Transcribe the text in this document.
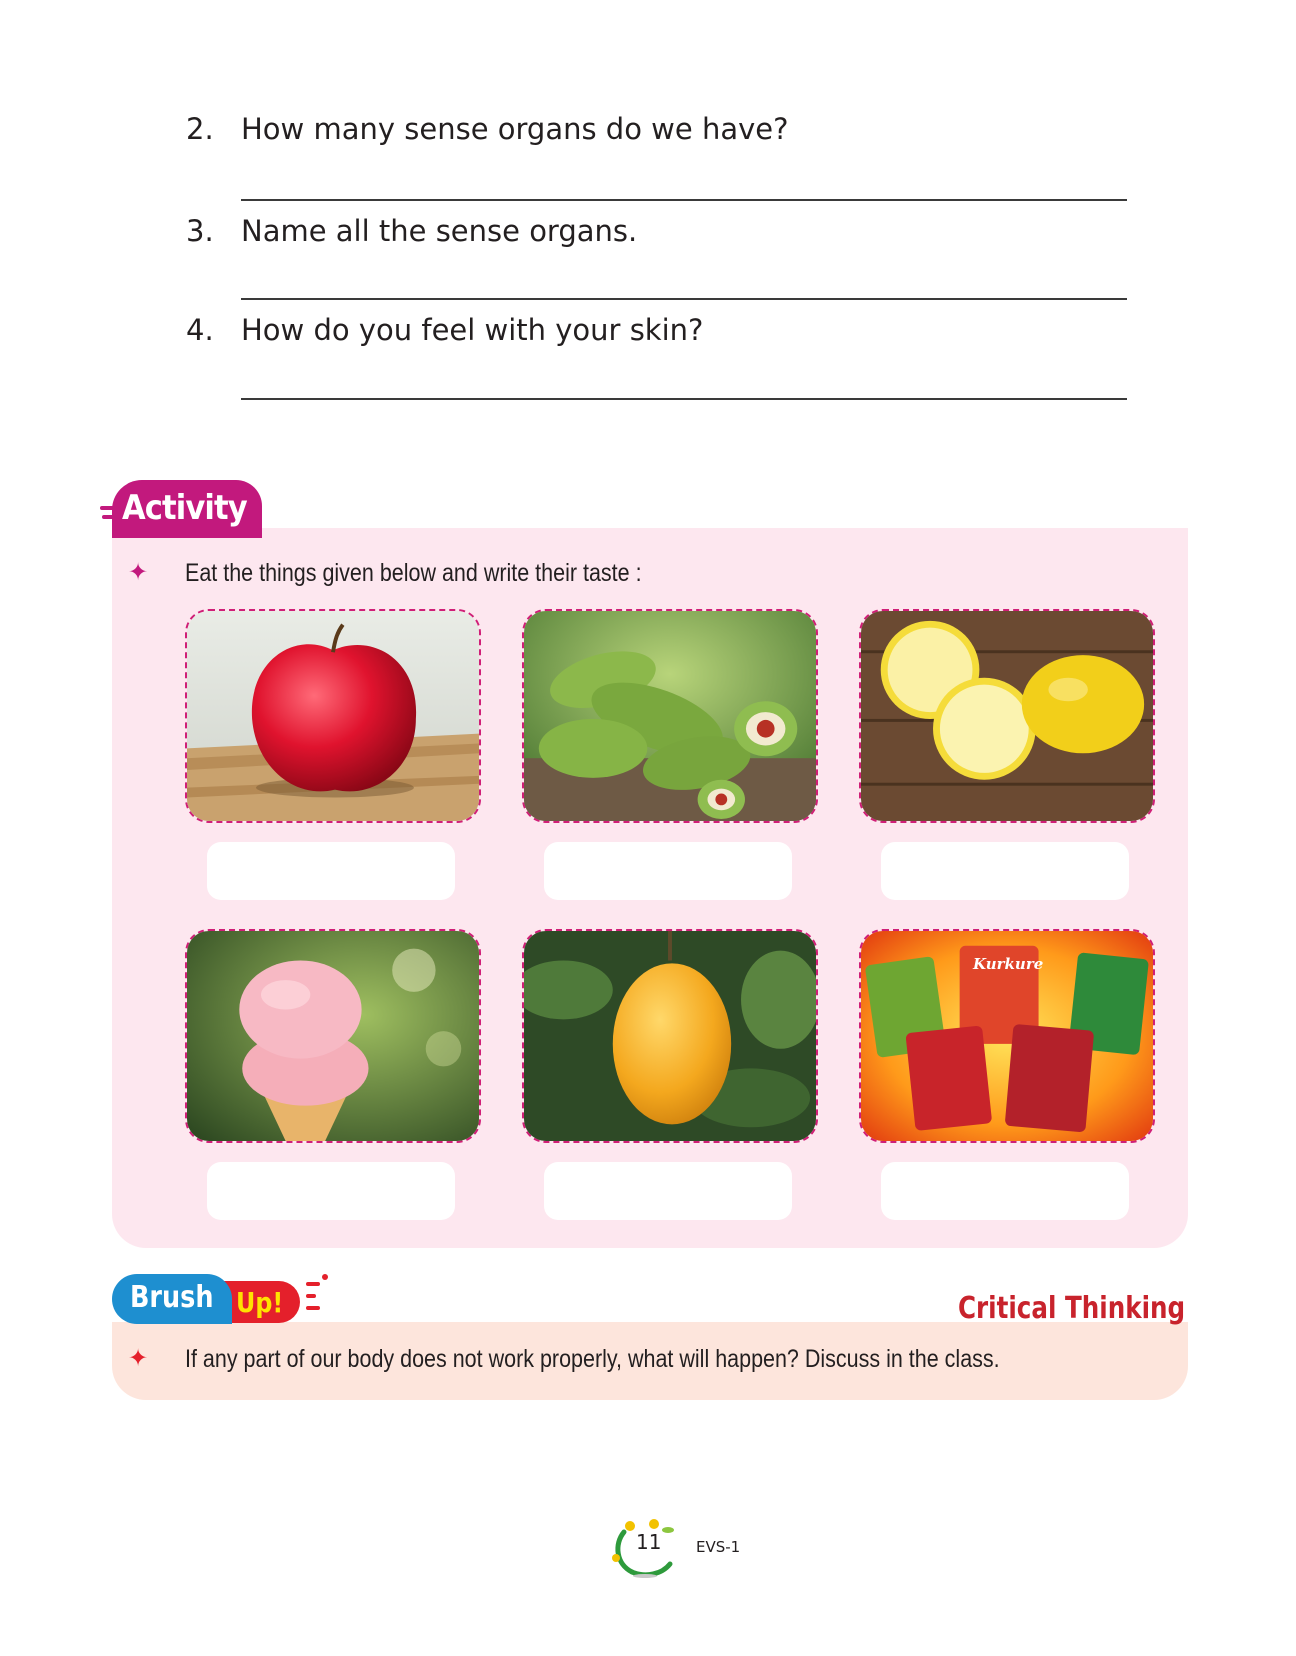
2. How many sense organs do we have?
3. Name all the sense organs.
4. How do you feel with your skin?
Activity
✦ Eat the things given below and write their taste :
Kurkure
Brush Up!	Critical Thinking
✦ If any part of our body does not work properly, what will happen? Discuss in the class.
11 EVS-1
